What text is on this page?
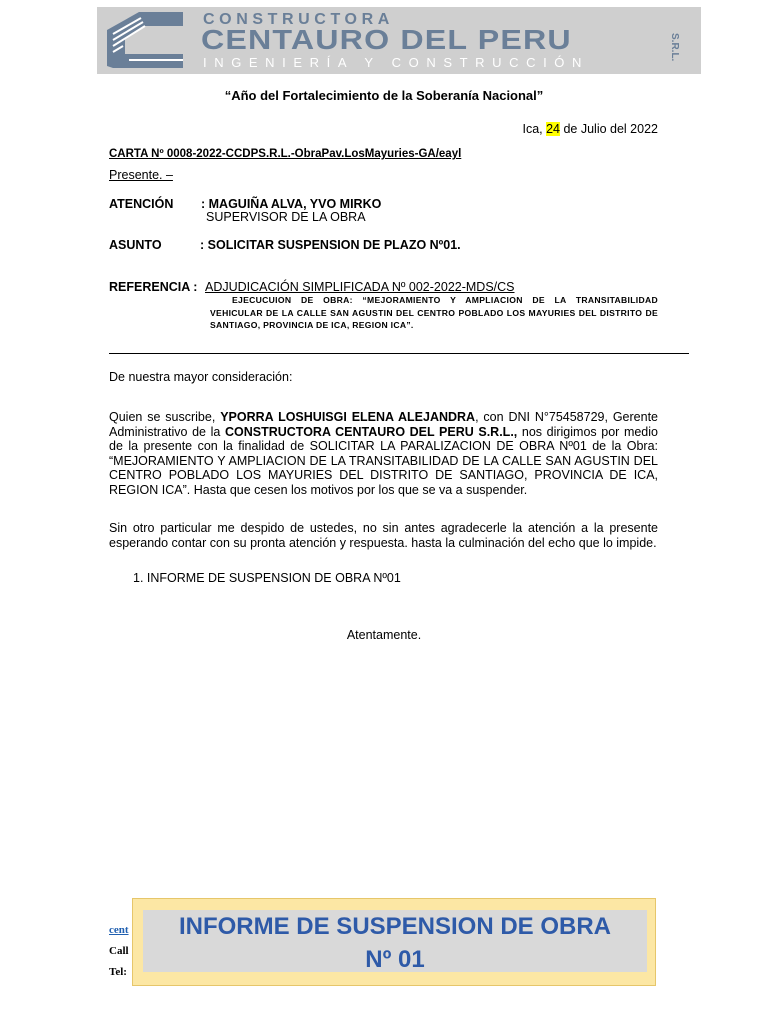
CONSTRUCTORA
CENTAURO DEL PERU	S.R.L.
INGENIERÍA Y CONSTRUCCIÓN
“Año del Fortalecimiento de la Soberanía Nacional”
Ica, 24 de Julio del 2022
CARTA Nº 0008-2022-CCDPS.R.L.-ObraPav.LosMayuries-GA/eayl
Presente. –
ATENCIÓN : MAGUIÑA ALVA, YVO MIRKO
SUPERVISOR DE LA OBRA
ASUNTO	: SOLICITAR SUSPENSION DE PLAZO Nº01.
REFERENCIA : ADJUDICACIÓN SIMPLIFICADA Nº 002-2022-MDS/CS
EJECUCUION DE OBRA: “MEJORAMIENTO Y AMPLIACION DE LA TRANSITABILIDAD VEHICULAR DE LA CALLE SAN AGUSTIN DEL CENTRO POBLADO LOS MAYURIES DEL DISTRITO DE SANTIAGO, PROVINCIA DE ICA, REGION ICA”.
De nuestra mayor consideración:
Quien se suscribe, YPORRA LOSHUISGI ELENA ALEJANDRA, con DNI N°75458729, Gerente Administrativo de la CONSTRUCTORA CENTAURO DEL PERU S.R.L., nos dirigimos por medio de la presente con la finalidad de SOLICITAR LA PARALIZACION DE OBRA Nº01 de la Obra: “MEJORAMIENTO Y AMPLIACION DE LA TRANSITABILIDAD DE LA CALLE SAN AGUSTIN DEL CENTRO POBLADO LOS MAYURIES DEL DISTRITO DE SANTIAGO, PROVINCIA DE ICA, REGION ICA”. Hasta que cesen los motivos por los que se va a suspender.
Sin otro particular me despido de ustedes, no sin antes agradecerle la atención a la presente esperando contar con su pronta atención y respuesta. hasta la culminación del echo que lo impide.
1. INFORME DE SUSPENSION DE OBRA Nº01
Atentamente.
cent
Call
Tel:
INFORME DE SUSPENSION DE OBRA
Nº 01
